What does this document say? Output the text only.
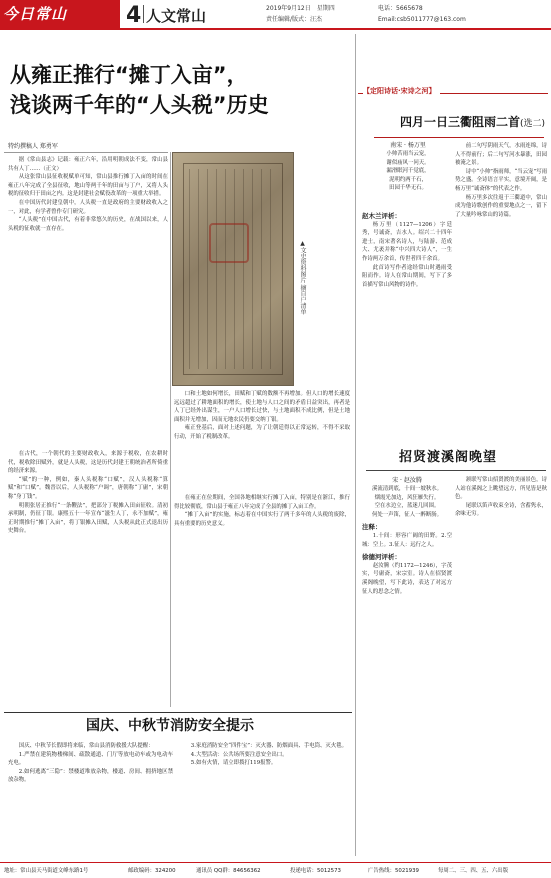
今日常山	4 人文常山	2019年9月12日　星期四
责任编辑/版式：汪杰
电话：5665678
Email:csb5011777@163.com
从雍正推行“摊丁入亩”，
浅谈两千年的“人头税”历史
特约撰稿人 郑勇军

据《常山县志》记载：雍正六年，沿用明朝成法不变，常山县共有人丁……（正文）

从这张常山县征收税赋单可知，常山县推行摊丁入亩的时间在雍正八年完成了全县征收，地山等两千年的田亩与丁户，又将人头税的征收归于田亩之内。这是封建社会赋役改革的一项重大举措。

在中国历代封建皇朝中，人头税一直是政府的主要财政收入之一，对此，有学者曾作专门研究。

“人头税”在中国古代，有着非常悠久的历史，在战国以来，人头税的征收就一直存在。

▲文史资料图片 摘自户清单

在古代，一个朝代的主要财政收入，来源于税收，在农耕时代，税收除田赋外，就是人头税，这是历代封建王朝统治者所倚重的经济来源。

“赋”的一种，例如，秦人头税称“口赋”，汉人头税称“算赋”和“口赋”。魏晋以后，人头税称“户调”，唐朝称“丁庸”，宋朝称“身丁钱”。

明朝张居正推行“一条鞭法”，把部分丁税摊入田亩征收。清初承明制，仍征丁银。康熙五十一年宣布“滋生人丁，永不加赋”，雍正时期推行“摊丁入亩”，将丁银摊入田赋，人头税从此正式退出历史舞台。

口和土地如何增长，田赋和丁赋的数额不再增加。但人口的增长速度远远超过了耕地面积的增长，使土地与人口之间的矛盾日益突出，再者是人丁已经外出谋生，一户人口增长过快，与土地面积不成比例，但是土地面积并无增加，因而无地农民仍要交纳丁银。

雍正登基后，面对上述问题，为了让朝廷得以正常运转，不得不采取行动，开始了税制改革。

在雍正在位期间，全国各地相继实行摊丁入亩，特别是在浙江，推行得比较彻底，常山县于雍正八年完成了全县的摊丁入亩工作。

“摊丁入亩”的实施，标志着在中国实行了两千多年的人头税的废除，具有重要的历史意义。

【定阳诗话·宋诗之河】
四月一日三衢阻雨二首(选二)
南宋 · 杨万里
小帅苦雨当云宠，
谢似庙风一问天。
漏滑眠河千觉底，
泥明约两千石，
田园千华无石。
赵木兰评析：

杨万里（1127—1206）字廷秀，号诚斋，吉水人。绍兴二十四年进士，南宋著名诗人，与陆游、范成大、尤袤并称“中兴四大诗人”，一生作诗两万余首，传世者四千余首。

此首诗写作者途经常山时遇雨受阻而作。诗人在常山期间，写下了多首描写常山风物的诗作。

前二句写阴雨天气，水雨连绵，诗人不得前行；后二句写河水暴涨，田园被淹之景。

诗中“小帅”指雨师，“当云宠”写雨势之盛。全诗语言平实，意境开阔，是杨万里“诚斋体”的代表之作。

杨万里多次往返于三衢道中，常山成为他诗歌创作的重要地点之一，留下了大量吟咏常山的诗篇。

招贤渡溪阁晚望
宋 · 赵汝腾
溪流清到底，十间一坡秋水。
烟霞光加边，风狂雁失行。
空在水边立，蓝迷几回围。
何处一声笛，征人一醉断肠。
注释：

1.十间：形容广阔的田野。2.空城：空上。3.征人：远行之人。

徐德河评析：

赵汝腾（约1172—1246），字茂实，号庸斋，宋宗室。诗人在招贤渡溪阁晚望，写下此诗，表达了对远方征人的思念之情。

颔联写常山招贤渡的美丽景色，诗人站在溪阁之上眺望远方，所见皆是秋色。

尾联以笛声收束全诗，含蓄隽永，余味无穷。

国庆、中秋节消防安全提示

国庆、中秋节长假即将来临，常山县消防救援大队提醒：

1.严禁在建筑物楼梯间、疏散通道、门厅等放电动车或为电动车充电。

2.如何逃离“三隐”：禁楼道堆放杂物，楼道、房间、拥挤地区禁放杂物。

3.家庭消防安全“四件宝”：灭火器、防烟面具、手电筒、灭火毯。

4.大型活动：公共场所要注意安全出口。

5.如有火情，请立即拨打119报警。

地址：常山县天马街道文峰东路1号	邮政编码：324200	通讯员 QQ群：84656362	投递电话：5012573	广告热线：5021939	每周二、三、四、五、六出版
